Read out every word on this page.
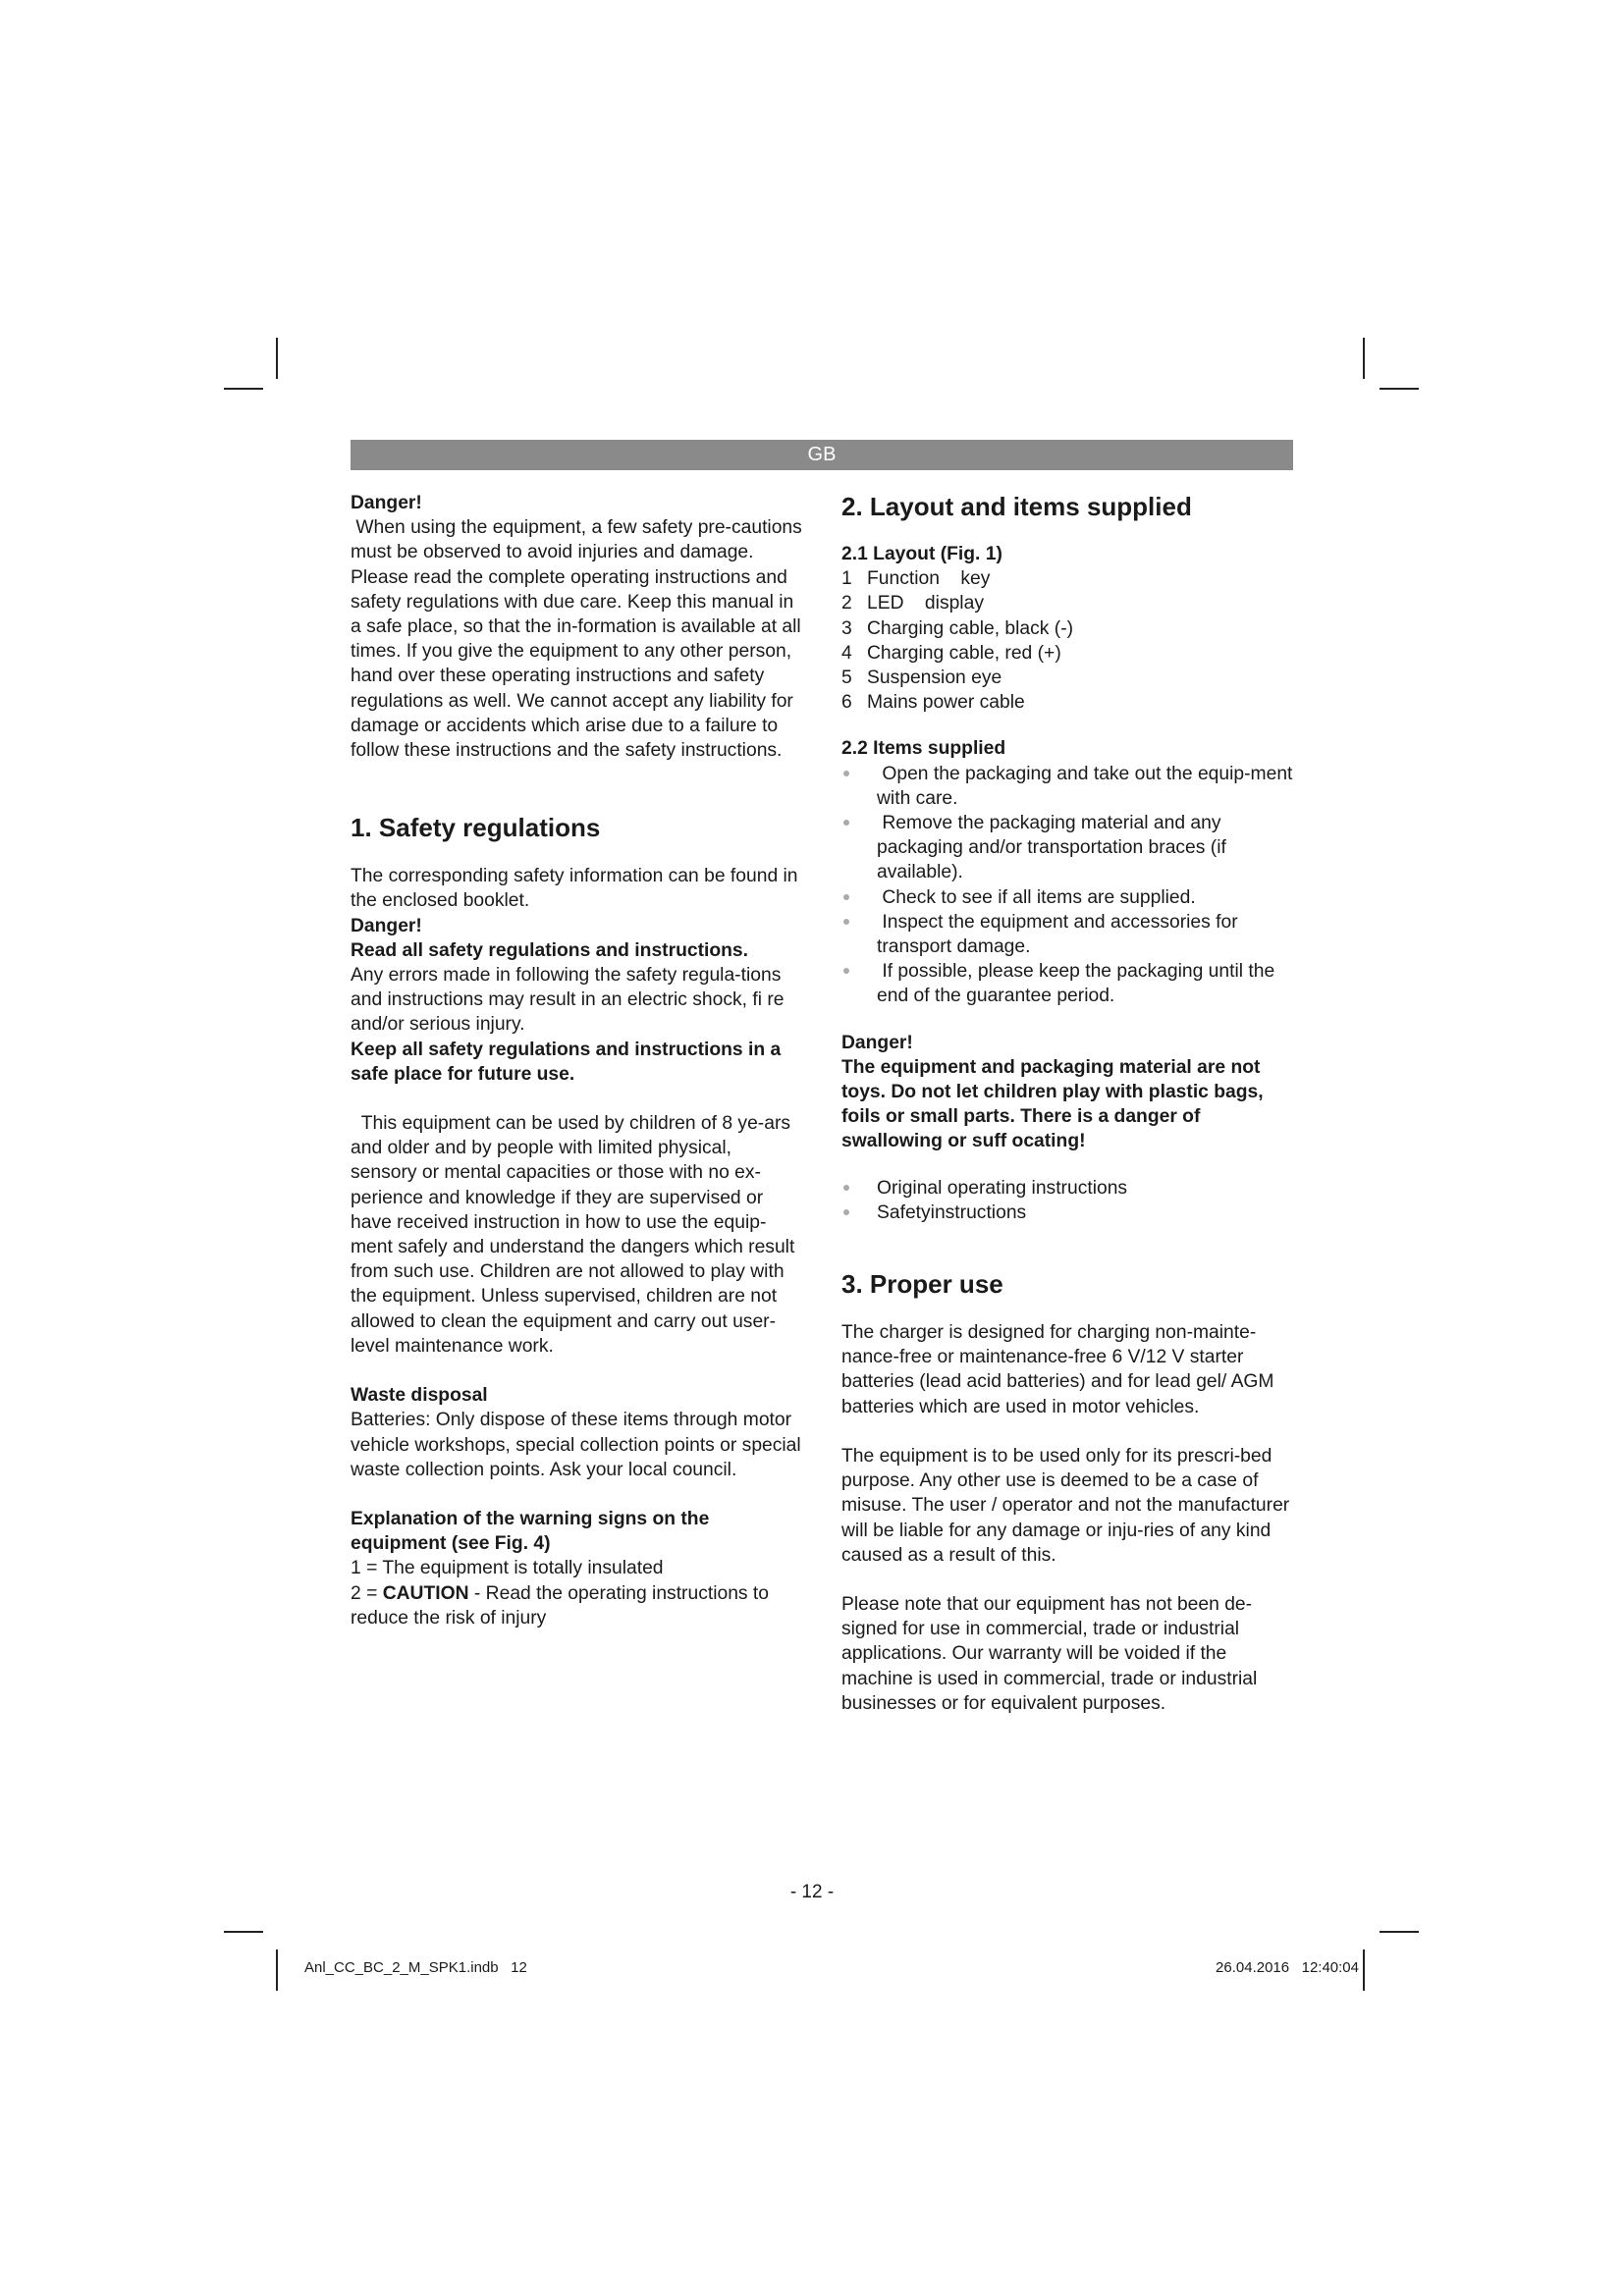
GB

Danger!

When using the equipment, a few safety pre-cautions must be observed to avoid injuries and damage. Please read the complete operating instructions and safety regulations with due care. Keep this manual in a safe place, so that the in-formation is available at all times. If you give the equipment to any other person, hand over these operating instructions and safety regulations as well. We cannot accept any liability for damage or accidents which arise due to a failure to follow these instructions and the safety instructions.

1. Safety regulations

The corresponding safety information can be found in the enclosed booklet.

Danger!

Read all safety regulations and instructions.

Any errors made in following the safety regula-tions and instructions may result in an electric shock, fi re and/or serious injury.

Keep all safety regulations and instructions in a safe place for future use.

This equipment can be used by children of 8 ye-ars and older and by people with limited physical, sensory or mental capacities or those with no ex-perience and knowledge if they are supervised or have received instruction in how to use the equip-ment safely and understand the dangers which result from such use. Children are not allowed to play with the equipment. Unless supervised, children are not allowed to clean the equipment and carry out user-level maintenance work.

Waste disposal

Batteries: Only dispose of these items through motor vehicle workshops, special collection points or special waste collection points. Ask your local council.

Explanation of the warning signs on the equipment (see Fig. 4)

1 = The equipment is totally insulated

2 = CAUTION - Read the operating instructions to reduce the risk of injury

2. Layout and items supplied

2.1 Layout (Fig. 1)

1 Function    key
2 LED    display
3 Charging cable, black (-)
4 Charging cable, red (+)
5 Suspension eye
6 Mains power cable

2.2 Items supplied

Open the packaging and take out the equip-ment with care.
Remove the packaging material and any packaging and/or transportation braces (if available).
Check to see if all items are supplied.
Inspect the equipment and accessories for transport damage.
If possible, please keep the packaging until the end of the guarantee period.

Danger!

The equipment and packaging material are not toys. Do not let children play with plastic bags, foils or small parts. There is a danger of swallowing or suff ocating!

Original operating instructions
Safetyinstructions
3. Proper use

The charger is designed for charging non-mainte-nance-free or maintenance-free 6 V/12 V starter batteries (lead acid batteries) and for lead gel/ AGM batteries which are used in motor vehicles.

The equipment is to be used only for its prescri-bed purpose. Any other use is deemed to be a case of misuse. The user / operator and not the manufacturer will be liable for any damage or inju-ries of any kind caused as a result of this.

Please note that our equipment has not been de-signed for use in commercial, trade or industrial applications. Our warranty will be voided if the machine is used in commercial, trade or industrial businesses or for equivalent purposes.

- 12 -
Anl_CC_BC_2_M_SPK1.indb   12	26.04.2016   12:40:04
